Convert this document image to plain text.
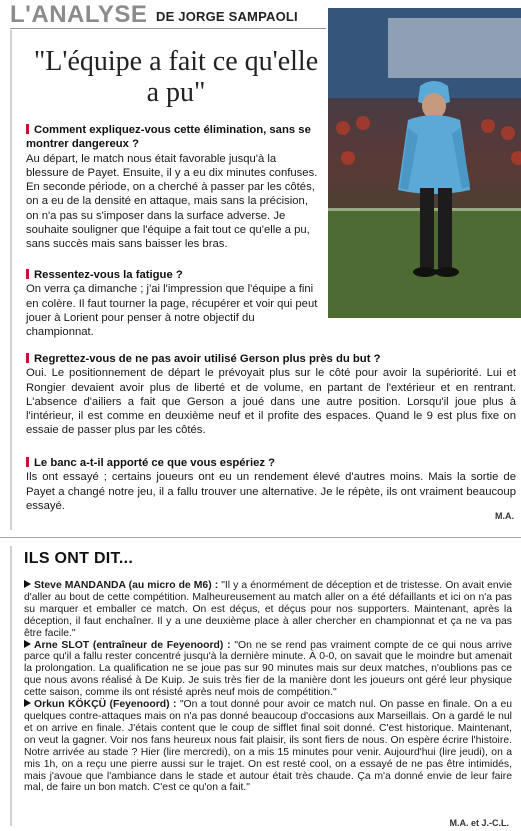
L'ANALYSE DE JORGE SAMPAOLI
"L'équipe a fait ce qu'elle a pu"
Comment expliquez-vous cette élimination, sans se montrer dangereux ?
Au départ, le match nous était favorable jusqu'à la blessure de Payet. Ensuite, il y a eu dix minutes confuses. En seconde période, on a cherché à passer par les côtés, on a eu de la densité en attaque, mais sans la précision, on n'a pas su s'imposer dans la surface adverse. Je souhaite souligner que l'équipe a fait tout ce qu'elle a pu, sans succès mais sans baisser les bras.
Ressentez-vous la fatigue ?
On verra ça dimanche ; j'ai l'impression que l'équipe a fini en colère. Il faut tourner la page, récupérer et voir qui peut jouer à Lorient pour penser à notre objectif du championnat.
Regrettez-vous de ne pas avoir utilisé Gerson plus près du but ?
Oui. Le positionnement de départ le prévoyait plus sur le côté pour avoir la supériorité. Lui et Rongier devaient avoir plus de liberté et de volume, en partant de l'extérieur et en rentrant. L'absence d'ailiers a fait que Gerson a joué dans une autre position. Lorsqu'il joue plus à l'intérieur, il est comme en deuxième neuf et il profite des espaces. Quand le 9 est plus fixe on essaie de passer plus par les côtés.
Le banc a-t-il apporté ce que vous espériez ?
Ils ont essayé ; certains joueurs ont eu un rendement élevé d'autres moins. Mais la sortie de Payet a changé notre jeu, il a fallu trouver une alternative. Je le répète, ils ont vraiment beaucoup essayé.
M.A.
ILS ONT DIT...

Steve MANDANDA (au micro de M6) : "Il y a énormément de déception et de tristesse. On avait envie d'aller au bout de cette compétition. Malheureusement au match aller on a été défaillants et ici on n'a pas su marquer et emballer ce match. On est déçus, et déçus pour nos supporters. Maintenant, après la déception, il faut enchaîner. Il y a une deuxième place à aller chercher en championnat et ça ne va pas être facile."

Arne SLOT (entraîneur de Feyenoord) : "On ne se rend pas vraiment compte de ce qui nous arrive parce qu'il a fallu rester concentré jusqu'à la dernière minute. À 0-0, on savait que le moindre but amenait la prolongation. La qualification ne se joue pas sur 90 minutes mais sur deux matches, n'oublions pas ce que nous avons réalisé à De Kuip. Je suis très fier de la manière dont les joueurs ont géré leur physique cette saison, comme ils ont résisté après neuf mois de compétition."

Orkun KÖKÇÜ (Feyenoord) : "On a tout donné pour avoir ce match nul. On passe en finale. On a eu quelques contre-attaques mais on n'a pas donné beaucoup d'occasions aux Marseillais. On a gardé le nul et on arrive en finale. J'étais content que le coup de sifflet final soit donné. C'est historique. Maintenant, on veut la gagner. Voir nos fans heureux nous fait plaisir, ils sont fiers de nous. On espère écrire l'histoire. Notre arrivée au stade ? Hier (lire mercredi), on a mis 15 minutes pour venir. Aujourd'hui (lire jeudi), on a mis 1h, on a reçu une pierre aussi sur le trajet. On est resté cool, on a essayé de ne pas être intimidés, mais j'avoue que l'ambiance dans le stade et autour était très chaude. Ça m'a donné envie de leur faire mal, de faire un bon match. C'est ce qu'on a fait."

M.A. et J.-C.L.
